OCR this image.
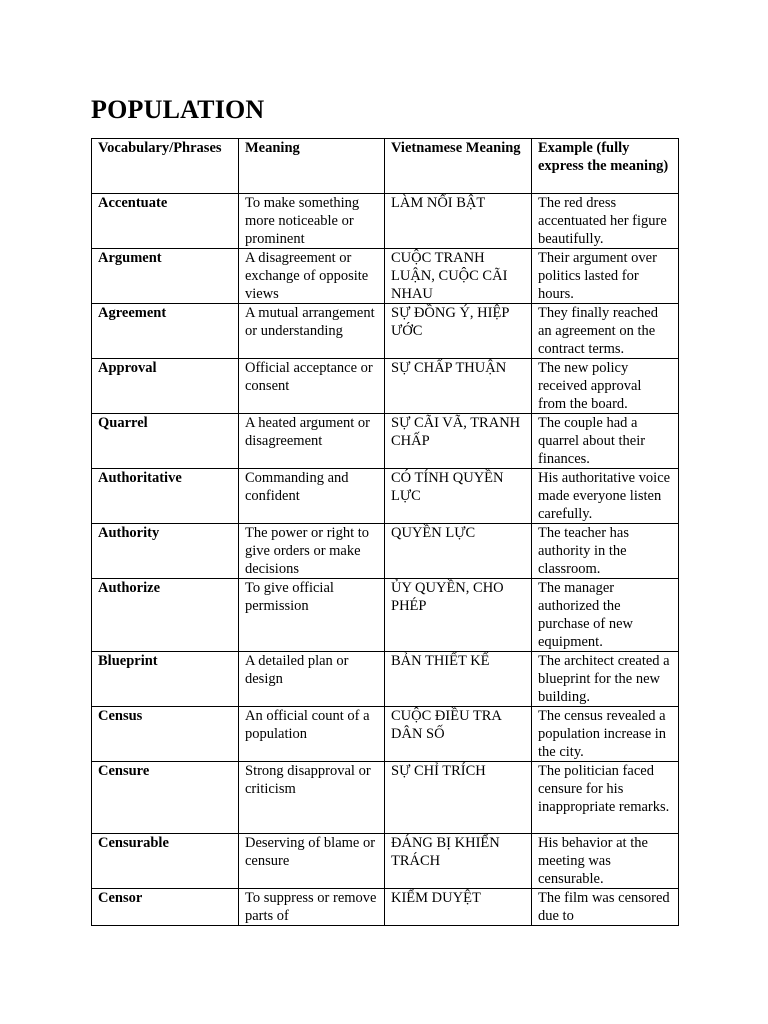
POPULATION
Vocabulary/Phrases	Meaning	Vietnamese Meaning	Example (fully express the meaning)
Accentuate	To make something more noticeable or prominent	LÀM NỔI BẬT	The red dress accentuated her figure beautifully.
Argument	A disagreement or exchange of opposite views	CUỘC TRANH LUẬN, CUỘC CÃI NHAU	Their argument over politics lasted for hours.
Agreement	A mutual arrangement or understanding	SỰ ĐỒNG Ý, HIỆP ƯỚC	They finally reached an agreement on the contract terms.
Approval	Official acceptance or consent	SỰ CHẤP THUẬN	The new policy received approval from the board.
Quarrel	A heated argument or disagreement	SỰ CÃI VÃ, TRANH CHẤP	The couple had a quarrel about their finances.
Authoritative	Commanding and confident	CÓ TÍNH QUYỀN LỰC	His authoritative voice made everyone listen carefully.
Authority	The power or right to give orders or make decisions	QUYỀN LỰC	The teacher has authority in the classroom.
Authorize	To give official permission	ỦY QUYỀN, CHO PHÉP	The manager authorized the purchase of new equipment.
Blueprint	A detailed plan or design	BẢN THIẾT KẾ	The architect created a blueprint for the new building.
Census	An official count of a population	CUỘC ĐIỀU TRA DÂN SỐ	The census revealed a population increase in the city.
Censure	Strong disapproval or criticism	SỰ CHỈ TRÍCH	The politician faced censure for his inappropriate remarks.
Censurable	Deserving of blame or censure	ĐÁNG BỊ KHIỂN TRÁCH	His behavior at the meeting was censurable.
Censor	To suppress or remove parts of	KIỂM DUYỆT	The film was censored due to
